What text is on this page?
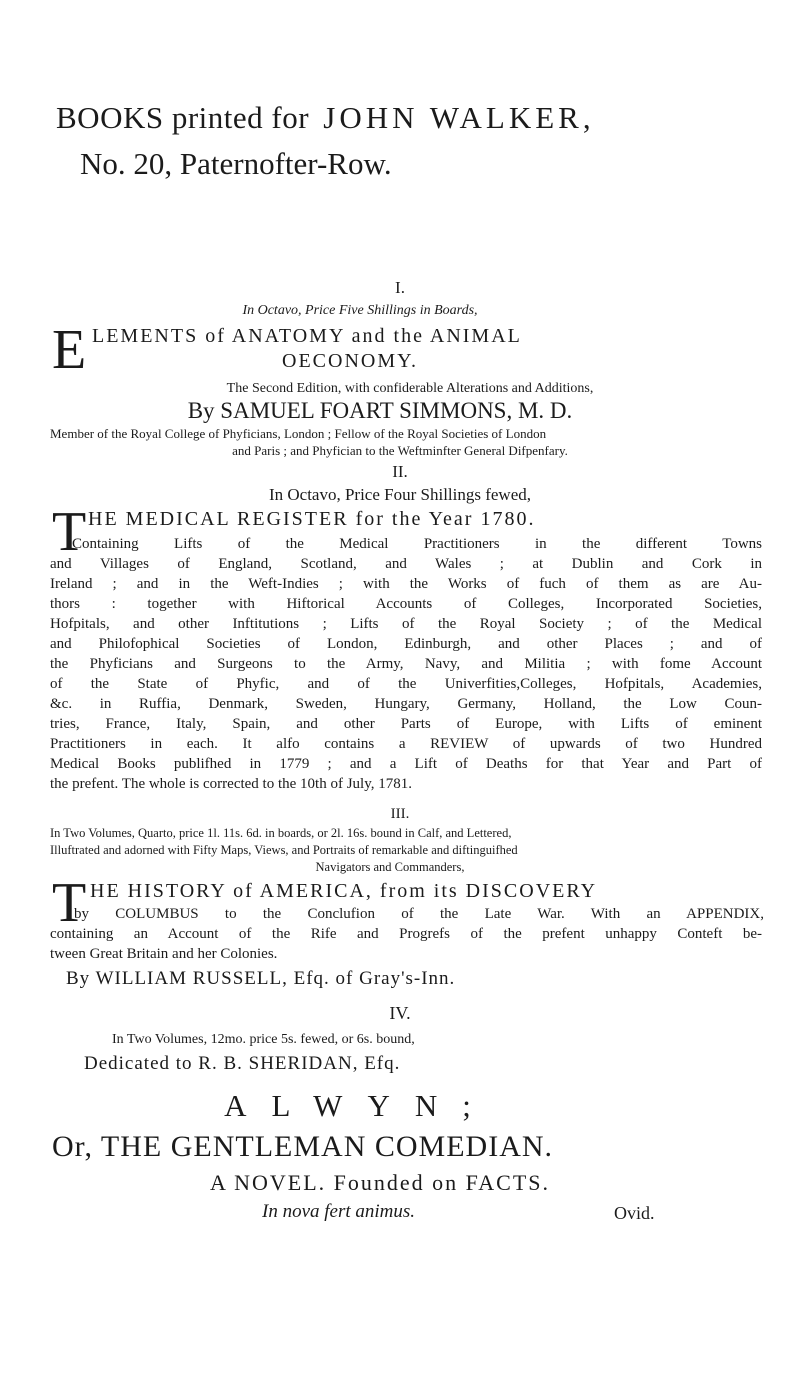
BOOKS printed for JOHN WALKER,
No. 20, Paternofter-Row.
I.
In Octavo, Price Five Shillings in Boards,
E LEMENTS of ANATOMY and the ANIMAL
OECONOMY.
The Second Edition, with confiderable Alterations and Additions,
By SAMUEL FOART SIMMONS, M. D.
Member of the Royal College of Phyficians, London ; Fellow of the Royal Societies of London
and Paris ; and Phyfician to the Weftminfter General Difpenfary.
II.
In Octavo, Price Four Shillings fewed,
T HE MEDICAL REGISTER for the Year 1780.
Containing Lifts of the Medical Practitioners in the different Towns
and Villages of England, Scotland, and Wales ; at Dublin and Cork in
Ireland ; and in the Weft-Indies ; with the Works of fuch of them as are Au-
thors : together with Hiftorical Accounts of Colleges, Incorporated Societies,
Hofpitals, and other Inftitutions ; Lifts of the Royal Society ; of the Medical
and Philofophical Societies of London, Edinburgh, and other Places ; and of
the Phyficians and Surgeons to the Army, Navy, and Militia ; with fome Account
of the State of Phyfic, and of the Univerfities,Colleges, Hofpitals, Academies,
&c. in Ruffia, Denmark, Sweden, Hungary, Germany, Holland, the Low Coun-
tries, France, Italy, Spain, and other Parts of Europe, with Lifts of eminent
Practitioners in each. It alfo contains a REVIEW of upwards of two Hundred
Medical Books publifhed in 1779 ; and a Lift of Deaths for that Year and Part of
the prefent. The whole is corrected to the 10th of July, 1781.
III.
In Two Volumes, Quarto, price 1l. 11s. 6d. in boards, or 2l. 16s. bound in Calf, and Lettered,
Illuftrated and adorned with Fifty Maps, Views, and Portraits of remarkable and diftinguifhed
Navigators and Commanders,
T HE HISTORY of AMERICA, from its DISCOVERY
by COLUMBUS to the Conclufion of the Late War. With an APPENDIX,
containing an Account of the Rife and Progrefs of the prefent unhappy Conteft be-
tween Great Britain and her Colonies.
By WILLIAM RUSSELL, Efq. of Gray's-Inn.
IV.
In Two Volumes, 12mo. price 5s. fewed, or 6s. bound,
Dedicated to R. B. SHERIDAN, Efq.
ALWYN;
Or, THE GENTLEMAN COMEDIAN.
A NOVEL. Founded on FACTS.
In nova fert animus.	Ovid.
